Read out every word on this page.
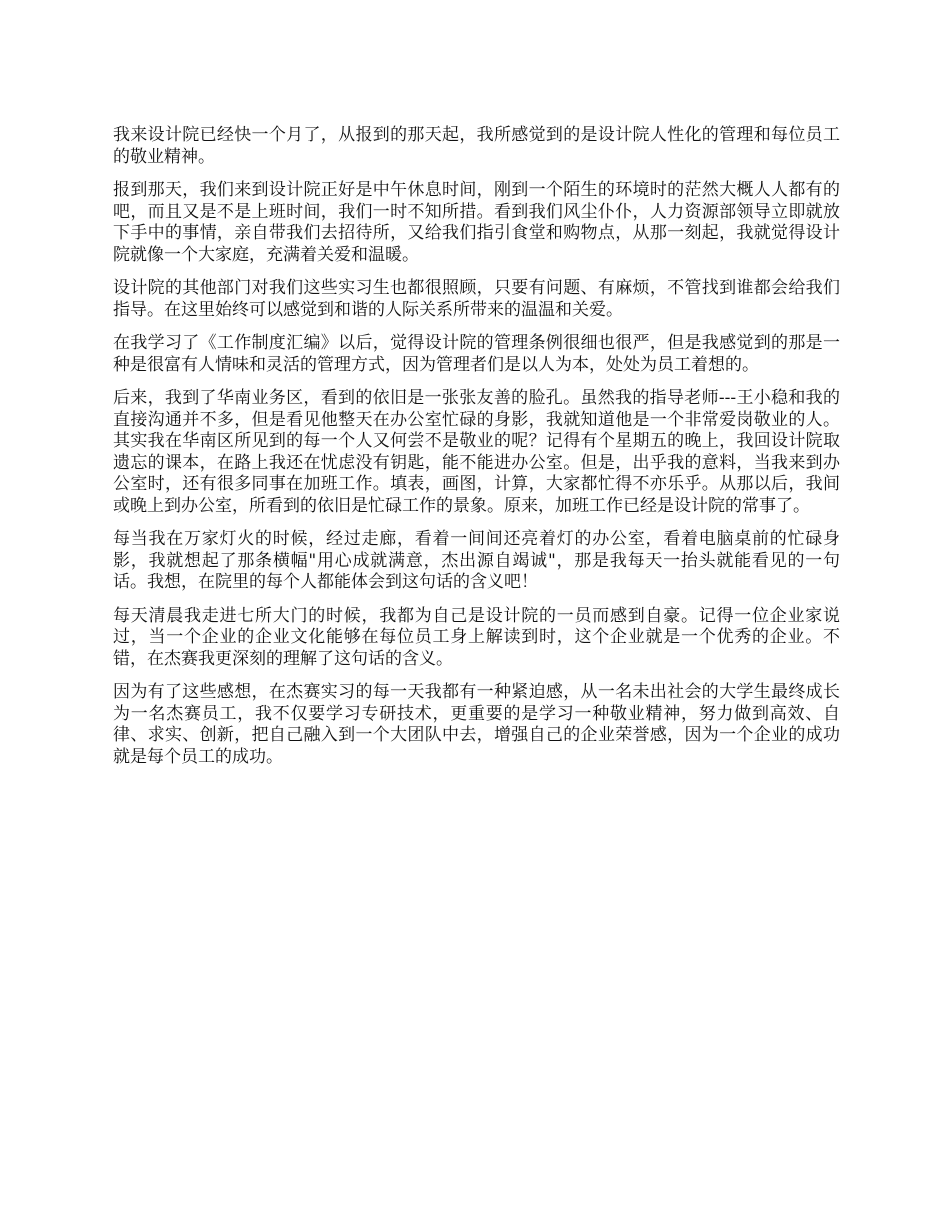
我来设计院已经快一个月了，从报到的那天起，我所感觉到的是设计院人性化的管理和每位员工的敬业精神。

报到那天，我们来到设计院正好是中午休息时间，刚到一个陌生的环境时的茫然大概人人都有的吧，而且又是不是上班时间，我们一时不知所措。看到我们风尘仆仆，人力资源部领导立即就放下手中的事情，亲自带我们去招待所，又给我们指引食堂和购物点，从那一刻起，我就觉得设计院就像一个大家庭，充满着关爱和温暖。

设计院的其他部门对我们这些实习生也都很照顾，只要有问题、有麻烦，不管找到谁都会给我们指导。在这里始终可以感觉到和谐的人际关系所带来的温温和关爱。

在我学习了《工作制度汇编》以后，觉得设计院的管理条例很细也很严，但是我感觉到的那是一种是很富有人情味和灵活的管理方式，因为管理者们是以人为本，处处为员工着想的。

后来，我到了华南业务区，看到的依旧是一张张友善的脸孔。虽然我的指导老师---王小稳和我的直接沟通并不多，但是看见他整天在办公室忙碌的身影，我就知道他是一个非常爱岗敬业的人。其实我在华南区所见到的每一个人又何尝不是敬业的呢？记得有个星期五的晚上，我回设计院取遗忘的课本，在路上我还在忧虑没有钥匙，能不能进办公室。但是，出乎我的意料，当我来到办公室时，还有很多同事在加班工作。填表，画图，计算，大家都忙得不亦乐乎。从那以后，我间或晚上到办公室，所看到的依旧是忙碌工作的景象。原来，加班工作已经是设计院的常事了。

每当我在万家灯火的时候，经过走廊，看着一间间还亮着灯的办公室，看着电脑桌前的忙碌身影，我就想起了那条横幅"用心成就满意，杰出源自竭诚"，那是我每天一抬头就能看见的一句话。我想，在院里的每个人都能体会到这句话的含义吧！

每天清晨我走进七所大门的时候，我都为自己是设计院的一员而感到自豪。记得一位企业家说过，当一个企业的企业文化能够在每位员工身上解读到时，这个企业就是一个优秀的企业。不错，在杰赛我更深刻的理解了这句话的含义。

因为有了这些感想，在杰赛实习的每一天我都有一种紧迫感，从一名未出社会的大学生最终成长为一名杰赛员工，我不仅要学习专研技术，更重要的是学习一种敬业精神，努力做到高效、自律、求实、创新，把自己融入到一个大团队中去，增强自己的企业荣誉感，因为一个企业的成功就是每个员工的成功。
